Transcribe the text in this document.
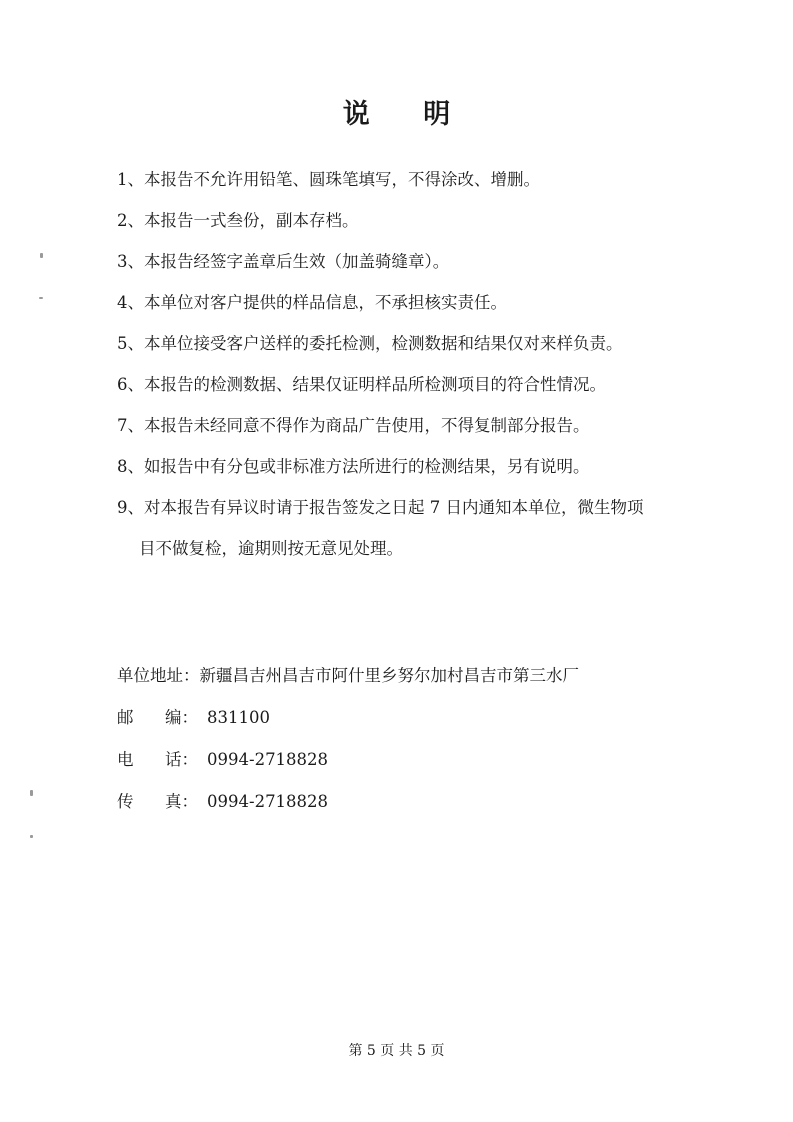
说 明
1、本报告不允许用铅笔、圆珠笔填写，不得涂改、增删。
2、本报告一式叁份，副本存档。
3、本报告经签字盖章后生效（加盖骑缝章）。
4、本单位对客户提供的样品信息，不承担核实责任。
5、本单位接受客户送样的委托检测，检测数据和结果仅对来样负责。
6、本报告的检测数据、结果仅证明样品所检测项目的符合性情况。
7、本报告未经同意不得作为商品广告使用，不得复制部分报告。
8、如报告中有分包或非标准方法所进行的检测结果，另有说明。
9、对本报告有异议时请于报告签发之日起 7 日内通知本单位，微生物项
目不做复检，逾期则按无意见处理。
单位地址： 新疆昌吉州昌吉市阿什里乡努尔加村昌吉市第三水厂
邮      编： 831100
电      话： 0994-2718828
传      真： 0994-2718828
第 5 页 共 5 页
